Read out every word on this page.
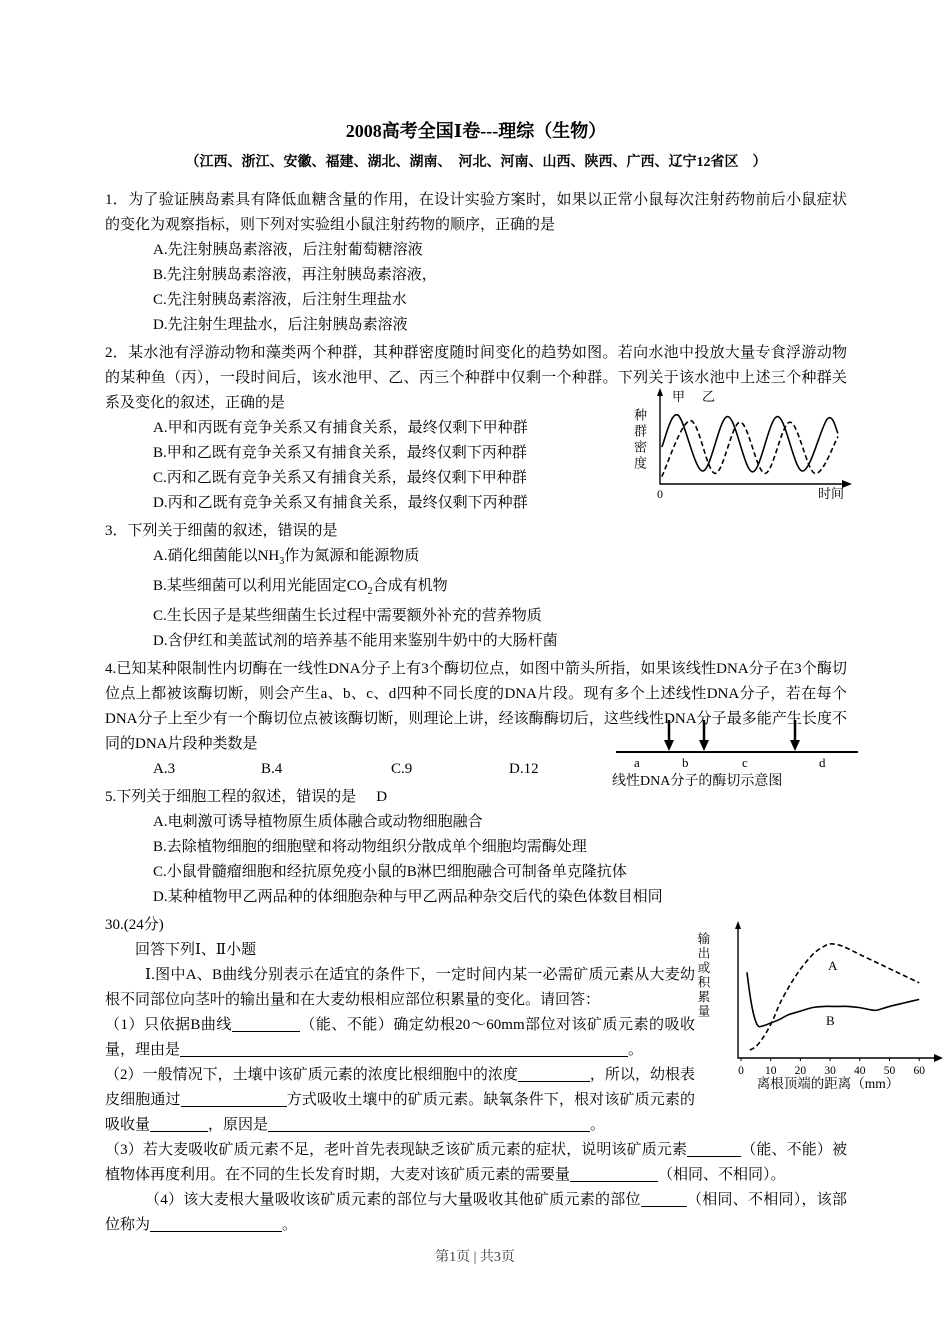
2008高考全国Ⅰ卷---理综（生物）
（江西、浙江、安徽、福建、湖北、湖南、　河北、河南、山西、陕西、广西、辽宁12省区　）

1．为了验证胰岛素具有降低血糖含量的作用，在设计实验方案时，如果以正常小鼠每次注射药物前后小鼠症状的变化为观察指标，则下列对实验组小鼠注射药物的顺序，正确的是

A.先注射胰岛素溶液，后注射葡萄糖溶液
B.先注射胰岛素溶液，再注射胰岛素溶液，
C.先注射胰岛素溶液，后注射生理盐水
D.先注射生理盐水，后注射胰岛素溶液

2．某水池有浮游动物和藻类两个种群，其种群密度随时间变化的趋势如图。若向水池中投放大量专食浮游动物的某种鱼（丙），一段时间后，该水池甲、乙、丙三个种群中仅剩一个种群。下列关于该水池中上述三个种群关系及变化的叙述，正确的是

A.甲和丙既有竞争关系又有捕食关系，最终仅剩下甲种群
B.甲和乙既有竞争关系又有捕食关系，最终仅剩下丙种群
C.丙和乙既有竞争关系又有捕食关系，最终仅剩下甲种群
D.丙和乙既有竞争关系又有捕食关系，最终仅剩下丙种群

3．下列关于细菌的叙述，错误的是

A.硝化细菌能以$NH_3$作为氮源和能源物质
B.某些细菌可以利用光能固定$CO_2$合成有机物
C.生长因子是某些细菌生长过程中需要额外补充的营养物质
D.含伊红和美蓝试剂的培养基不能用来鉴别牛奶中的大肠杆菌

4.已知某种限制性内切酶在一线性DNA分子上有3个酶切位点，如图中箭头所指，如果该线性DNA分子在3个酶切位点上都被该酶切断，则会产生a、b、c、d四种不同长度的DNA片段。现有多个上述线性DNA分子，若在每个DNA分子上至少有一个酶切位点被该酶切断，则理论上讲，经该酶酶切后，这些线性DNA分子最多能产生长度不同的DNA片段种类数是

A.3	B.4	C.9	D.12

5.下列关于细胞工程的叙述，错误的是 D

A.电刺激可诱导植物原生质体融合或动物细胞融合
B.去除植物细胞的细胞壁和将动物组织分散成单个细胞均需酶处理
C.小鼠骨髓瘤细胞和经抗原免疫小鼠的B淋巴细胞融合可制备单克隆抗体
D.某种植物甲乙两品种的体细胞杂种与甲乙两品种杂交后代的染色体数目相同

30.(24分)

回答下列Ⅰ、Ⅱ小题

Ⅰ.图中A、B曲线分别表示在适宜的条件下，一定时间内某一必需矿质元素从大麦幼根不同部位向茎叶的输出量和在大麦幼根相应部位积累量的变化。请回答：

（1）只依据B曲线	（能、不能）确定幼根20～60mm部位对该矿质元素的吸收量，理由是	。

（2）一般情况下，土壤中该矿质元素的浓度比根细胞中的浓度	，所以，幼根表皮细胞通过	方式吸收土壤中的矿质元素。缺氧条件下，根对该矿质元素的吸收量	，原因是	。

（3）若大麦吸收矿质元素不足，老叶首先表现缺乏该矿质元素的症状，说明该矿质元素	（能、不能）被植物体再度利用。在不同的生长发育时期，大麦对该矿质元素的需要量	（相同、不相同）。

（4）该大麦根大量吸收该矿质元素的部位与大量吸收其他矿质元素的部位	（相同、不相同），该部位称为	。

种群密度
甲 乙
0	时间
a	b	c	d
线性DNA分子的酶切示意图
输出或积累量	A
B
0 10 20 30 40 50 60
离根顶端的距离（mm）
第1页 | 共3页
